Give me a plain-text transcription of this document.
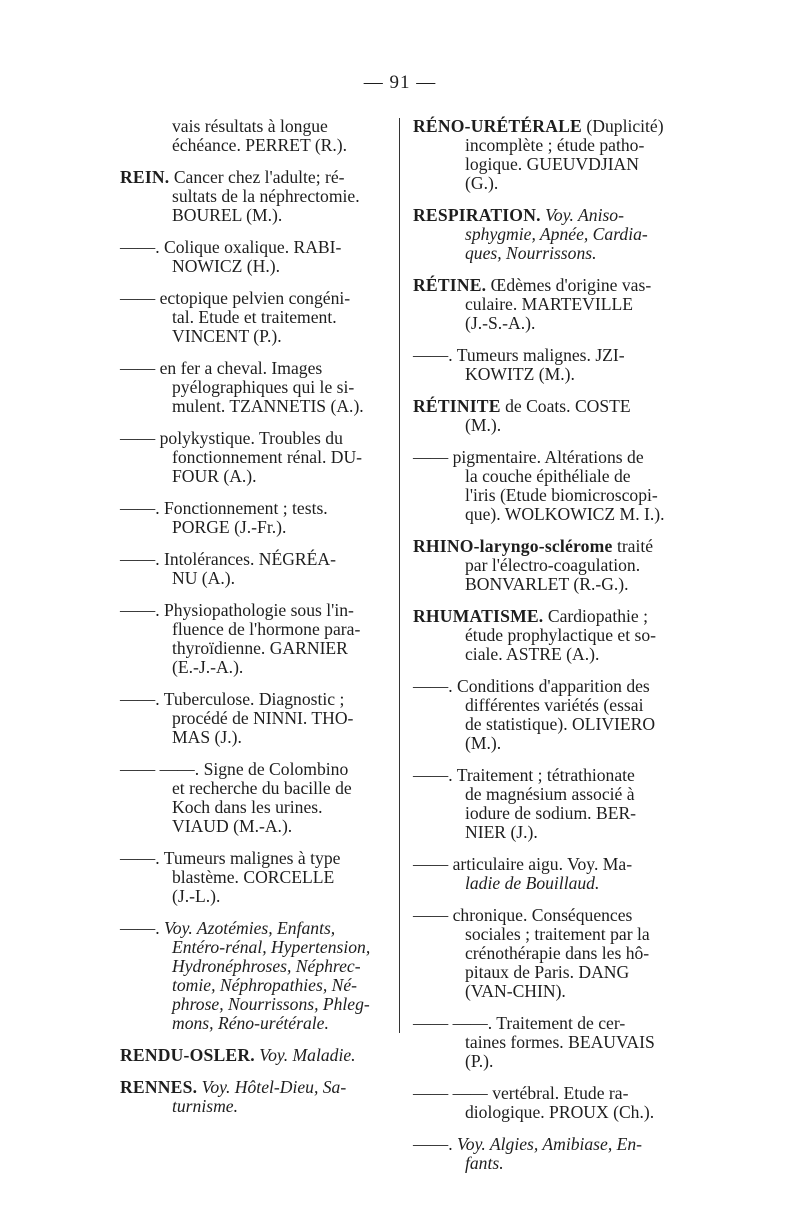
— 91 —
vais résultats à longue
échéance. PERRET (R.).
REIN. Cancer chez l'adulte; ré-
sultats de la néphrectomie.
BOUREL (M.).
——. Colique oxalique. RABI-
NOWICZ (H.).
—— ectopique pelvien congéni-
tal. Etude et traitement.
VINCENT (P.).
—— en fer a cheval. Images
pyélographiques qui le si-
mulent. TZANNETIS (A.).
—— polykystique. Troubles du
fonctionnement rénal. DU-
FOUR (A.).
——. Fonctionnement ; tests.
PORGE (J.-Fr.).
——. Intolérances. NÉGRÉA-
NU (A.).
——. Physiopathologie sous l'in-
fluence de l'hormone para-
thyroïdienne. GARNIER
(E.-J.-A.).
——. Tuberculose. Diagnostic ;
procédé de NINNI. THO-
MAS (J.).
—— ——. Signe de Colombino
et recherche du bacille de
Koch dans les urines.
VIAUD (M.-A.).
——. Tumeurs malignes à type
blastème. CORCELLE
(J.-L.).
——. Voy. Azotémies, Enfants,
Entéro-rénal, Hypertension,
Hydronéphroses, Néphrec-
tomie, Néphropathies, Né-
phrose, Nourrissons, Phleg-
mons, Réno-urétérale.
RENDU-OSLER. Voy. Maladie.
RENNES. Voy. Hôtel-Dieu, Sa-
turnisme.
RÉNO-URÉTÉRALE (Duplicité)
incomplète ; étude patho-
logique. GUEUVDJIAN
(G.).
RESPIRATION. Voy. Aniso-
sphygmie, Apnée, Cardia-
ques, Nourrissons.
RÉTINE. Œdèmes d'origine vas-
culaire. MARTEVILLE
(J.-S.-A.).
——. Tumeurs malignes. JZI-
KOWITZ (M.).
RÉTINITE de Coats. COSTE
(M.).
—— pigmentaire. Altérations de
la couche épithéliale de
l'iris (Etude biomicroscopi-
que). WOLKOWICZ M. I.).
RHINO-laryngo-sclérome traité
par l'électro-coagulation.
BONVARLET (R.-G.).
RHUMATISME. Cardiopathie ;
étude prophylactique et so-
ciale. ASTRE (A.).
——. Conditions d'apparition des
différentes variétés (essai
de statistique). OLIVIERO
(M.).
——. Traitement ; tétrathionate
de magnésium associé à
iodure de sodium. BER-
NIER (J.).
—— articulaire aigu. Voy. Ma-
ladie de Bouillaud.
—— chronique. Conséquences
sociales ; traitement par la
crénothérapie dans les hô-
pitaux de Paris. DANG
(VAN-CHIN).
—— ——. Traitement de cer-
taines formes. BEAUVAIS
(P.).
—— —— vertébral. Etude ra-
diologique. PROUX (Ch.).
——. Voy. Algies, Amibiase, En-
fants.
